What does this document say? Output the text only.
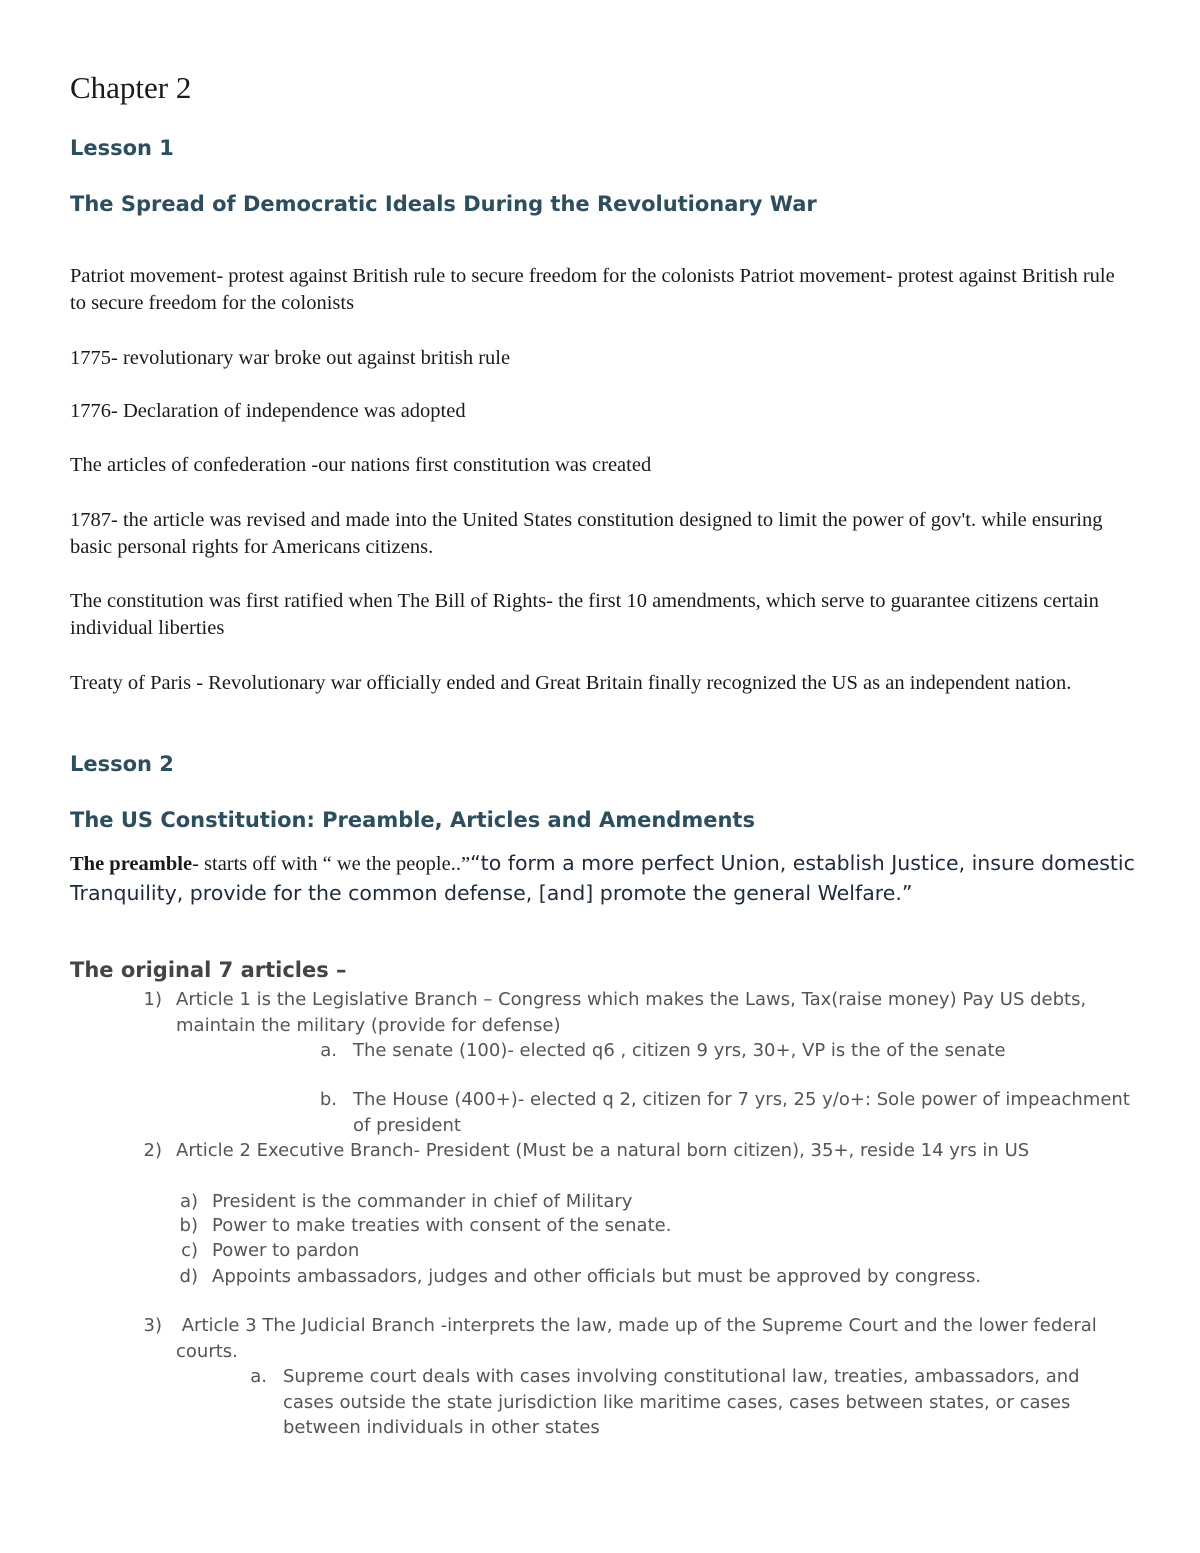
Chapter 2
Lesson 1
The Spread of Democratic Ideals During the Revolutionary War

Patriot movement- protest against British rule to secure freedom for the colonists Patriot movement- protest against British rule to secure freedom for the colonists

1775- revolutionary war broke out against british rule

1776- Declaration of independence was adopted

The articles of confederation -our nations first constitution was created

1787- the article was revised and made into the United States constitution designed to limit the power of gov't. while ensuring basic personal rights for Americans citizens.

The constitution was first ratified when The Bill of Rights- the first 10 amendments, which serve to guarantee citizens certain individual liberties

Treaty of Paris - Revolutionary war officially ended and Great Britain finally recognized the US as an independent nation.

Lesson 2
The US Constitution: Preamble, Articles and Amendments

The preamble- starts off with “ we the people..”“to form a more perfect Union, establish Justice, insure domestic Tranquility, provide for the common defense, [and] promote the general Welfare.”

The original 7 articles –
1) Article 1 is the Legislative Branch – Congress which makes the Laws, Tax(raise money) Pay US debts, maintain the military (provide for defense)
a. The senate (100)- elected q6 , citizen 9 yrs, 30+, VP is the of the senate
b. The House (400+)- elected q 2, citizen for 7 yrs, 25 y/o+: Sole power of impeachment          of president
2) Article 2 Executive Branch- President (Must be a natural born citizen), 35+, reside 14 yrs in US
a) President is the commander in chief of Military
b) Power to make treaties with consent of the senate.
c) Power to pardon
d) Appoints ambassadors, judges and other officials but must be approved by congress.
3) Article 3 The Judicial Branch -interprets the law, made up of the Supreme Court and the lower federal courts.
a. Supreme court deals with cases involving constitutional law, treaties, ambassadors, and cases outside the state jurisdiction like maritime cases, cases between states, or cases between individuals in other states
